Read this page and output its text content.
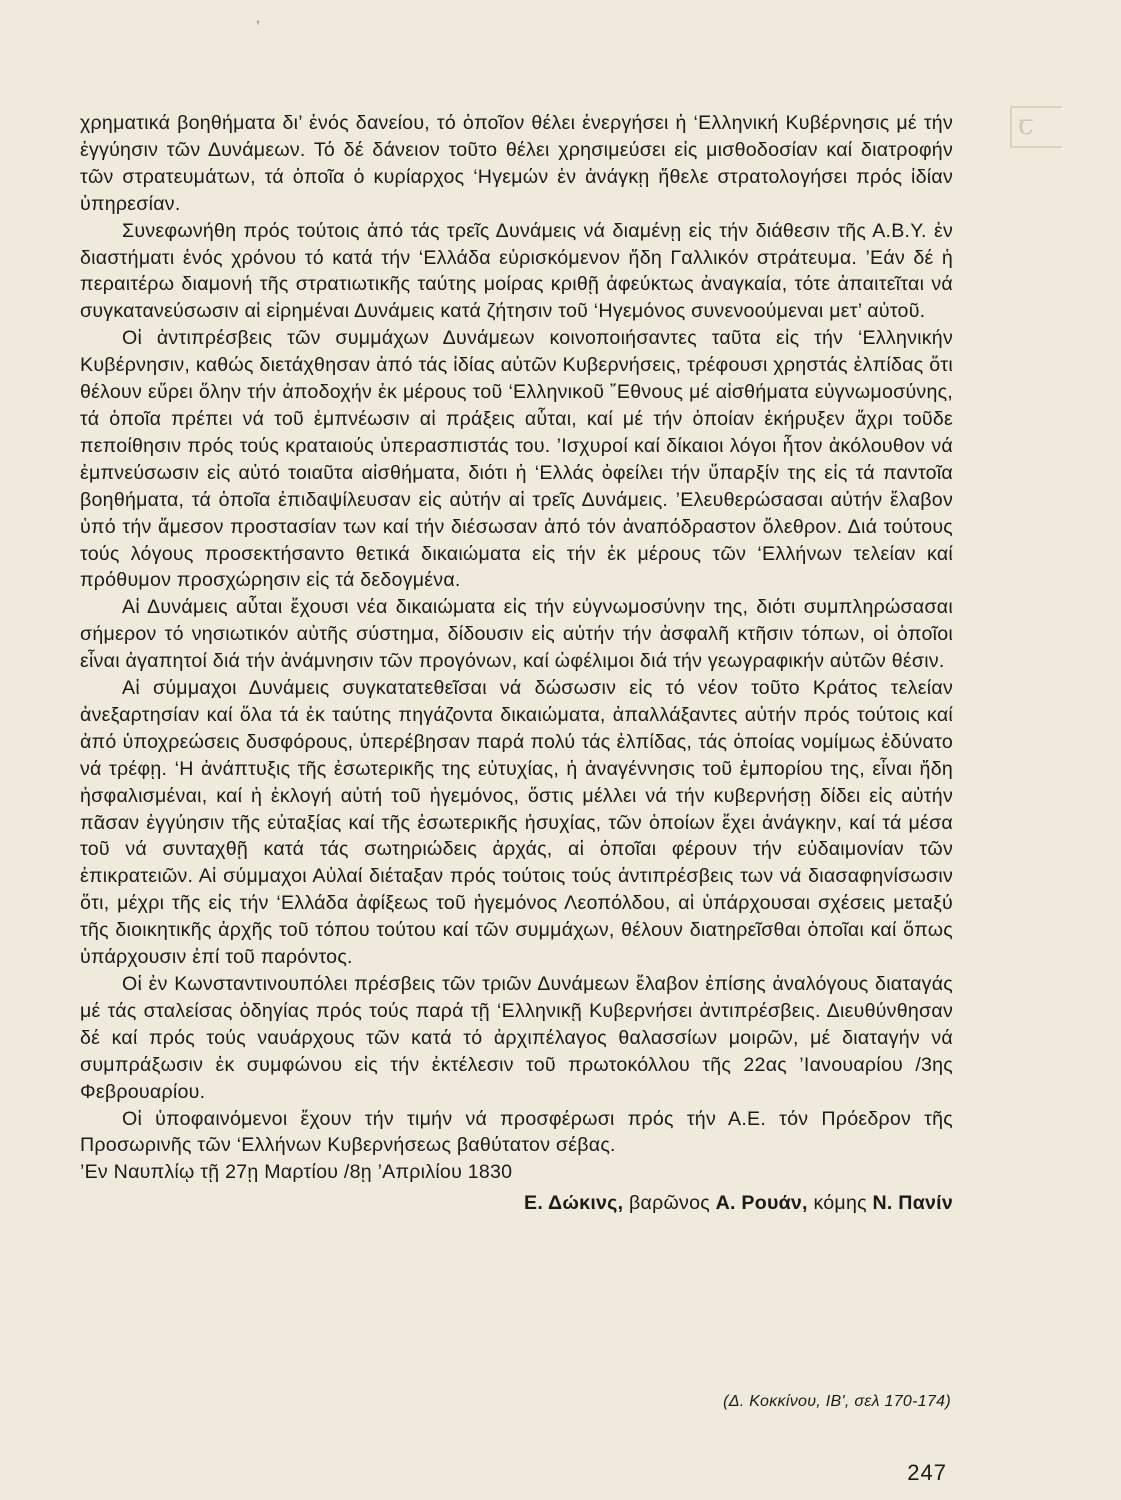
῾
ꞇ

χρηματικά βοηθήματα δι’ ἑνός δανείου, τό ὁποῖον θέλει ἐνεργήσει ἡ ‘Ελληνική Κυβέρνησις μέ τήν ἐγγύησιν τῶν Δυνάμεων. Τό δέ δάνειον τοῦτο θέλει χρησιμεύσει εἰς μισθοδοσίαν καί διατροφήν τῶν στρατευμάτων, τά ὁποῖα ὁ κυρίαρχος ‘Ηγεμών ἐν ἀνάγκῃ ἤθελε στρατολογήσει πρός ἰδίαν ὑπηρεσίαν.

Συνεφωνήθη πρός τούτοις ἀπό τάς τρεῖς Δυνάμεις νά διαμένῃ εἰς τήν διάθεσιν τῆς Α.Β.Υ. ἐν διαστήματι ἑνός χρόνου τό κατά τήν ‘Ελλάδα εὑρισκόμενον ἤδη Γαλλικόν στράτευμα. ’Εάν δέ ἡ περαιτέρω διαμονή τῆς στρατιωτικῆς ταύτης μοίρας κριθῇ ἀφεύκτως ἀναγκαία, τότε ἀπαιτεῖται νά συγκατανεύσωσιν αἱ εἰρημέναι Δυνάμεις κατά ζήτησιν τοῦ ‘Ηγεμόνος συνενοούμεναι μετ’ αὐτοῦ.

Οἱ ἀντιπρέσβεις τῶν συμμάχων Δυνάμεων κοινοποιήσαντες ταῦτα εἰς τήν ‘Ελληνικήν Κυβέρνησιν, καθώς διετάχθησαν ἀπό τάς ἰδίας αὐτῶν Κυβερνήσεις, τρέφουσι χρηστάς ἐλπίδας ὅτι θέλουν εὕρει ὅλην τήν ἀποδοχήν ἐκ μέρους τοῦ ‘Ελληνικοῦ ῎Εθνους μέ αἰσθήματα εὐγνωμοσύνης, τά ὁποῖα πρέπει νά τοῦ ἐμπνέωσιν αἱ πράξεις αὗται, καί μέ τήν ὁποίαν ἐκήρυξεν ἄχρι τοῦδε πεποίθησιν πρός τούς κραταιούς ὑπερασπιστάς του. ’Ισχυροί καί δίκαιοι λόγοι ἦτον ἀκόλουθον νά ἐμπνεύσωσιν εἰς αὐτό τοιαῦτα αἰσθήματα, διότι ἡ ‘Ελλάς ὀφείλει τήν ὕπαρξίν της εἰς τά παντοῖα βοηθήματα, τά ὁποῖα ἐπιδαψίλευσαν εἰς αὐτήν αἱ τρεῖς Δυνάμεις. ’Ελευθερώσασαι αὐτήν ἔλαβον ὑπό τήν ἄμεσον προστασίαν των καί τήν διέσωσαν ἀπό τόν ἀναπόδραστον ὄλεθρον. Διά τούτους τούς λόγους προσεκτήσαντο θετικά δικαιώματα εἰς τήν ἐκ μέρους τῶν ‘Ελλήνων τελείαν καί πρόθυμον προσχώρησιν εἰς τά δεδογμένα.

Αἱ Δυνάμεις αὗται ἔχουσι νέα δικαιώματα εἰς τήν εὐγνωμοσύνην της, διότι συμπληρώσασαι σήμερον τό νησιωτικόν αὐτῆς σύστημα, δίδουσιν εἰς αὐτήν τήν ἀσφαλῆ κτῆσιν τόπων, οἱ ὁποῖοι εἶναι ἀγαπητοί διά τήν ἀνάμνησιν τῶν προγόνων, καί ὠφέλιμοι διά τήν γεωγραφικήν αὐτῶν θέσιν.

Αἱ σύμμαχοι Δυνάμεις συγκατατεθεῖσαι νά δώσωσιν εἰς τό νέον τοῦτο Κράτος τελείαν ἀνεξαρτησίαν καί ὅλα τά ἐκ ταύτης πηγάζοντα δικαιώματα, ἀπαλλάξαντες αὐτήν πρός τούτοις καί ἀπό ὑποχρεώσεις δυσφόρους, ὑπερέβησαν παρά πολύ τάς ἐλπίδας, τάς ὁποίας νομίμως ἐδύνατο νά τρέφῃ. ‘Η ἀνάπτυξις τῆς ἐσωτερικῆς της εὐτυχίας, ἡ ἀναγέννησις τοῦ ἐμπορίου της, εἶναι ἤδη ἠσφαλισμέναι, καί ἡ ἐκλογή αὐτή τοῦ ἡγεμόνος, ὅστις μέλλει νά τήν κυβερνήσῃ δίδει εἰς αὐτήν πᾶσαν ἐγγύησιν τῆς εὐταξίας καί τῆς ἐσωτερικῆς ἡσυχίας, τῶν ὁποίων ἔχει ἀνάγκην, καί τά μέσα τοῦ νά συνταχθῇ κατά τάς σωτηριώδεις ἀρχάς, αἱ ὁποῖαι φέρουν τήν εὐδαιμονίαν τῶν ἐπικρατειῶν. Αἱ σύμμαχοι Αὐλαί διέταξαν πρός τούτοις τούς ἀντιπρέσβεις των νά διασαφηνίσωσιν ὅτι, μέχρι τῆς εἰς τήν ‘Ελλάδα ἀφίξεως τοῦ ἡγεμόνος Λεοπόλδου, αἱ ὑπάρχουσαι σχέσεις μεταξύ τῆς διοικητικῆς ἀρχῆς τοῦ τόπου τούτου καί τῶν συμμάχων, θέλουν διατηρεῖσθαι ὁποῖαι καί ὅπως ὑπάρχουσιν ἐπί τοῦ παρόντος.

Οἱ ἐν Κωνσταντινουπόλει πρέσβεις τῶν τριῶν Δυνάμεων ἔλαβον ἐπίσης ἀναλόγους διαταγάς μέ τάς σταλείσας ὁδηγίας πρός τούς παρά τῇ ‘Ελληνικῇ Κυβερνήσει ἀντιπρέσβεις. Διευθύνθησαν δέ καί πρός τούς ναυάρχους τῶν κατά τό ἀρχιπέλαγος θαλασσίων μοιρῶν, μέ διαταγήν νά συμπράξωσιν ἐκ συμφώνου εἰς τήν ἐκτέλεσιν τοῦ πρωτοκόλλου τῆς 22ας ’Ιανουαρίου /3ης Φεβρουαρίου.

Οἱ ὑποφαινόμενοι ἔχουν τήν τιμήν νά προσφέρωσι πρός τήν Α.Ε. τόν Πρόεδρον τῆς Προσωρινῆς τῶν ‘Ελλήνων Κυβερνήσεως βαθύτατον σέβας.

’Εν Ναυπλίῳ τῇ 27ῃ Μαρτίου /8ῃ ’Απριλίου 1830

Ε. Δώκινς, βαρῶνος Α. Ρουάν, κόμης Ν. Πανίν
(Δ. Κοκκίνου, ΙΒ', σελ 170-174)
247
